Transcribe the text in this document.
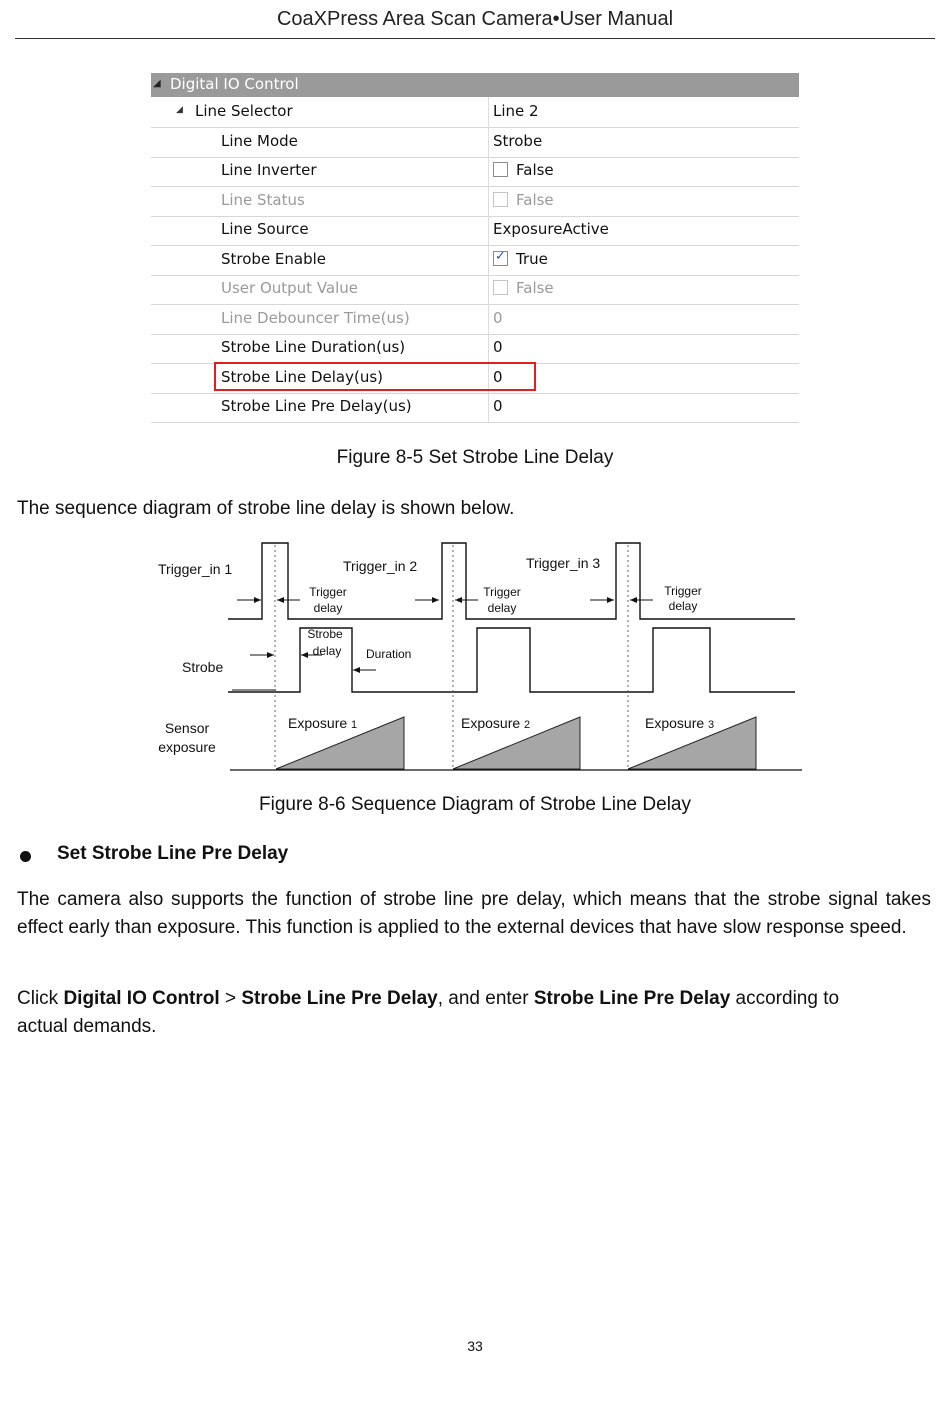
CoaXPress Area Scan Camera•User Manual
◢ Digital IO Control
◢ Line Selector	Line 2
Line Mode	Strobe
Line Inverter	False
Line Status	False
Line Source	ExposureActive
Strobe Enable ✓	True
User Output Value	False
Line Debouncer Time(us)	0
Strobe Line Duration(us)	0
Strobe Line Delay(us)	0
Strobe Line Pre Delay(us)	0
Figure 8-5 Set Strobe Line Delay
The sequence diagram of strobe line delay is shown below.
Trigger_in 1	Trigger_in 2	Trigger_in 3
Trigger
delay
Trigger
delay
Trigger
delay
Strobe
delay Duration
Strobe
Sensor
exposure
Exposure 1	Exposure 2	Exposure 3
Figure 8-6 Sequence Diagram of Strobe Line Delay
Set Strobe Line Pre Delay
The camera also supports the function of strobe line pre delay, which means that the strobe signal takes effect early than exposure. This function is applied to the external devices that have slow response speed.
Click Digital IO Control > Strobe Line Pre Delay, and enter Strobe Line Pre Delay according to
actual demands.
33
